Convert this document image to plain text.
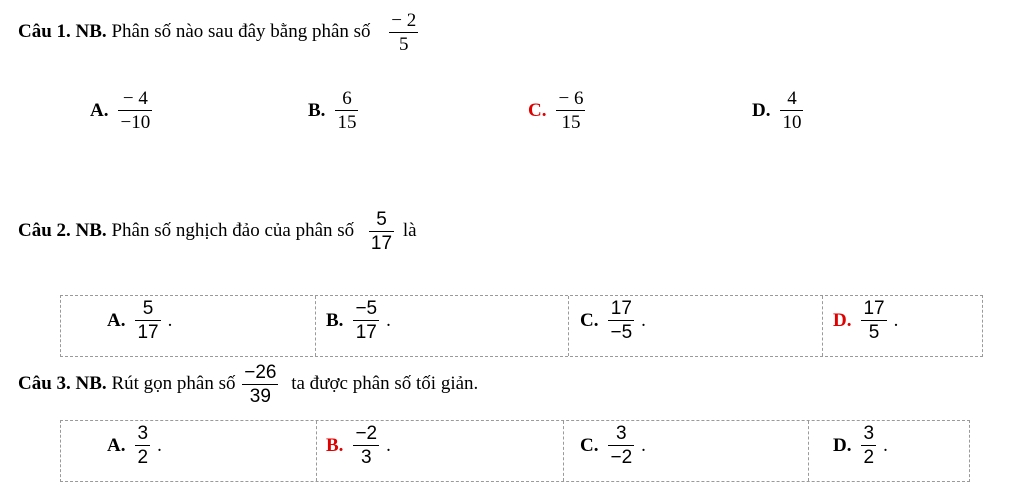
Câu 1. NB. Phân số nào sau đây bằng phân số $\frac{- 2}{5}$
A. $\frac{- 4}{-10}$	B. $\frac{6}{15}$	C. $\frac{- 6}{15}$	D. $\frac{4}{10}$
Câu 2. NB. Phân số nghịch đảo của phân số $\frac{5}{17}$ là
A. $\frac{5}{17}$ .	B. $\frac{-5}{17}$ .	C. $\frac{17}{-5}$ .	D. $\frac{17}{5}$ .
Câu 3. NB. Rút gọn phân số $\frac{-26}{39}$ ta được phân số tối giản.
A. $\frac{3}{2}$ .	B. $\frac{-2}{3}$ .	C. $\frac{3}{-2}$ .	D. $\frac{3}{2}$ .
